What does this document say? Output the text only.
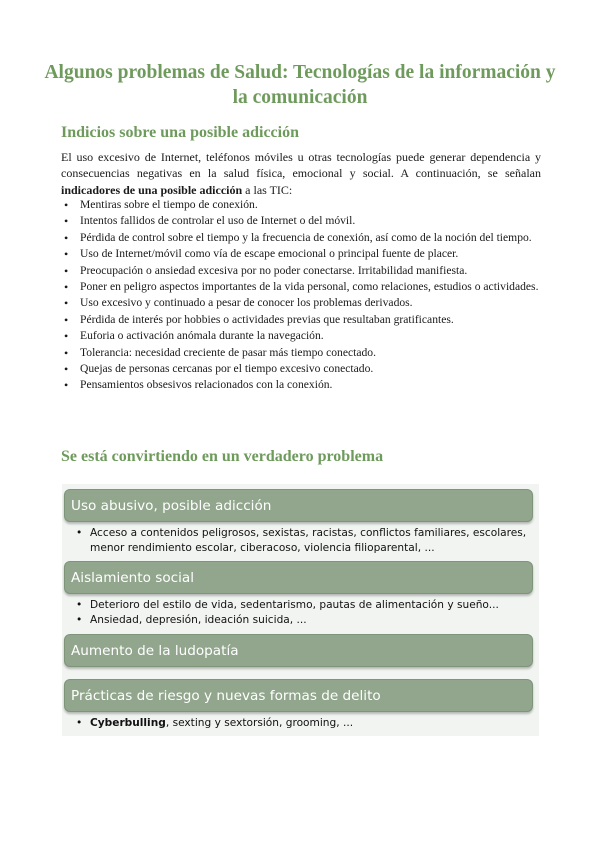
Algunos problemas de Salud: Tecnologías de la información y la comunicación
Indicios sobre una posible adicción

El uso excesivo de Internet, teléfonos móviles u otras tecnologías puede generar dependencia y consecuencias negativas en la salud física, emocional y social. A continuación, se señalan indicadores de una posible adicción a las TIC:

• Mentiras sobre el tiempo de conexión.
• Intentos fallidos de controlar el uso de Internet o del móvil.
• Pérdida de control sobre el tiempo y la frecuencia de conexión, así como de la noción del tiempo.
• Uso de Internet/móvil como vía de escape emocional o principal fuente de placer.
• Preocupación o ansiedad excesiva por no poder conectarse. Irritabilidad manifiesta.
• Poner en peligro aspectos importantes de la vida personal, como relaciones, estudios o actividades.
• Uso excesivo y continuado a pesar de conocer los problemas derivados.
• Pérdida de interés por hobbies o actividades previas que resultaban gratificantes.
• Euforia o activación anómala durante la navegación.
• Tolerancia: necesidad creciente de pasar más tiempo conectado.
• Quejas de personas cercanas por el tiempo excesivo conectado.
• Pensamientos obsesivos relacionados con la conexión.
Se está convirtiendo en un verdadero problema
Uso abusivo, posible adicción
• Acceso a contenidos peligrosos, sexistas, racistas, conflictos familiares, escolares, menor rendimiento escolar, ciberacoso, violencia filioparental, ...
Aislamiento social
• Deterioro del estilo de vida, sedentarismo, pautas de alimentación y sueño...
• Ansiedad, depresión, ideación suicida, ...
Aumento de la ludopatía
Prácticas de riesgo y nuevas formas de delito
• Cyberbulling, sexting y sextorsión, grooming, ...
